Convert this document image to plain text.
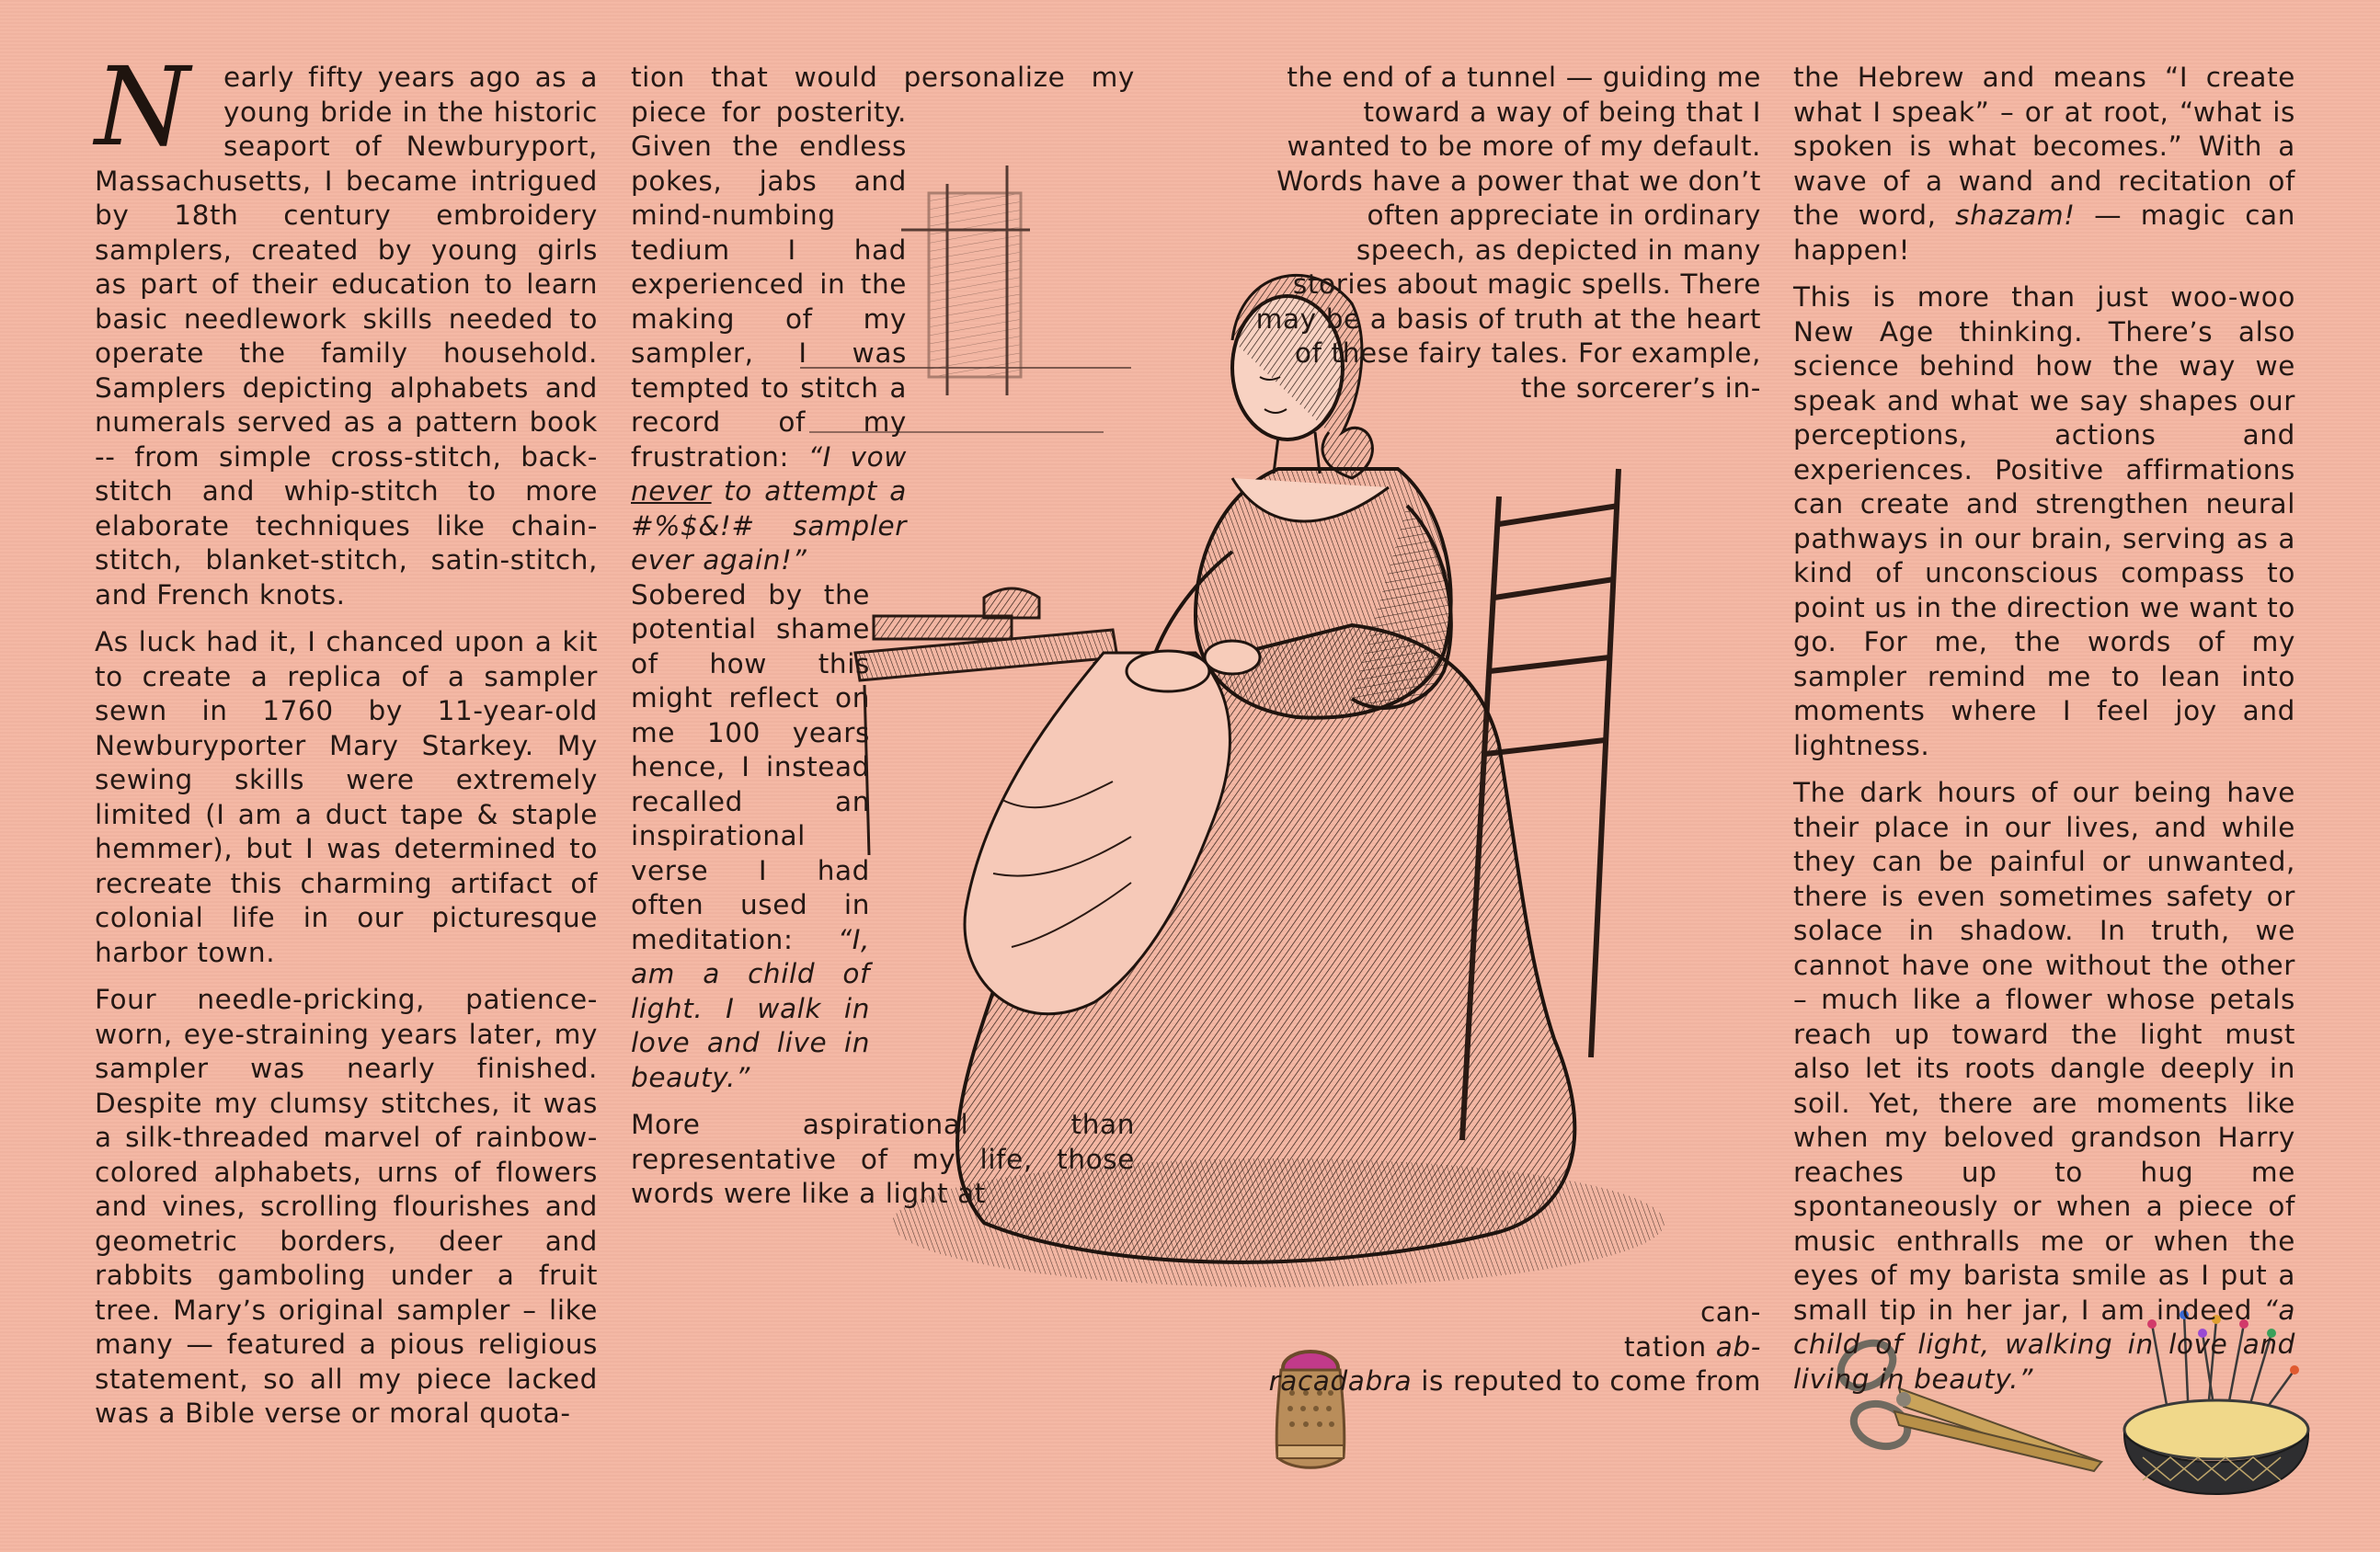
N	early fifty years ago as a young bride in the historic seaport of Newburyport, Massachusetts, I became intrigued by 18th century embroidery samplers, created by young girls as part of their education to learn basic needlework skills needed to operate the family household. Samplers depicting alphabets and numerals served as a pattern book -- from simple cross-stitch, back-stitch and whip-stitch to more elaborate techniques like chain-stitch, blanket-stitch, satin-stitch, and French knots.

As luck had it, I chanced upon a kit to create a replica of a sampler sewn in 1760 by 11-year-old Newburyporter Mary Starkey. My sewing skills were extremely limited (I am a duct tape & staple hemmer), but I was determined to recreate this charming artifact of colonial life in our picturesque harbor town.

Four needle-pricking, patience-worn, eye-straining years later, my sampler was nearly finished. Despite my clumsy stitches, it was a silk-threaded marvel of rainbow-colored alphabets, urns of flowers and vines, scrolling flourishes and geometric borders, deer and rabbits gamboling under a fruit tree. Mary’s original sampler – like many — featured a pious religious statement, so all my piece lacked was a Bible verse or moral quota-

tion that would personalize my
piece for posterity. Given the endless pokes, jabs and mind-numbing tedium I had experienced in the making of my sampler, I was tempted to stitch a record of my frustration: “I vow never to attempt a #%$&!# sampler ever again!”
Sobered by the potential shame of how this might reflect on me 100 years hence, I instead recalled an inspirational verse I had often used in meditation: “I, am a child of light. I walk in love and live in beauty.”
More aspirational than representative of my life, those words were like a light at
the end of a tunnel — guiding me toward a way of being that I wanted to be more of my default. Words have a power that we don’t often appreciate in ordinary speech, as depicted in many stories about magic spells. There may be a basis of truth at the heart of these fairy tales. For example, the sorcerer’s in-
can-
tation ab-
racadabra is reputed to come from

the Hebrew and means “I create what I speak” – or at root, “what is spoken is what becomes.” With a wave of a wand and recitation of the word, shazam! — magic can happen!

This is more than just woo-woo New Age thinking. There’s also science behind how the way we speak and what we say shapes our perceptions, actions and experiences. Positive affirmations can create and strengthen neural pathways in our brain, serving as a kind of unconscious compass to point us in the direction we want to go. For me, the words of my sampler remind me to lean into moments where I feel joy and lightness.

The dark hours of our being have their place in our lives, and while they can be painful or unwanted, there is even sometimes safety or solace in shadow. In truth, we cannot have one without the other – much like a flower whose petals reach up toward the light must also let its roots dangle deeply in soil. Yet, there are moments like when my beloved grandson Harry reaches up to hug me spontaneously or when a piece of music enthralls me or when the eyes of my barista smile as I put a small tip in her jar, I am indeed “a child of light, walking in love and living in beauty.”
